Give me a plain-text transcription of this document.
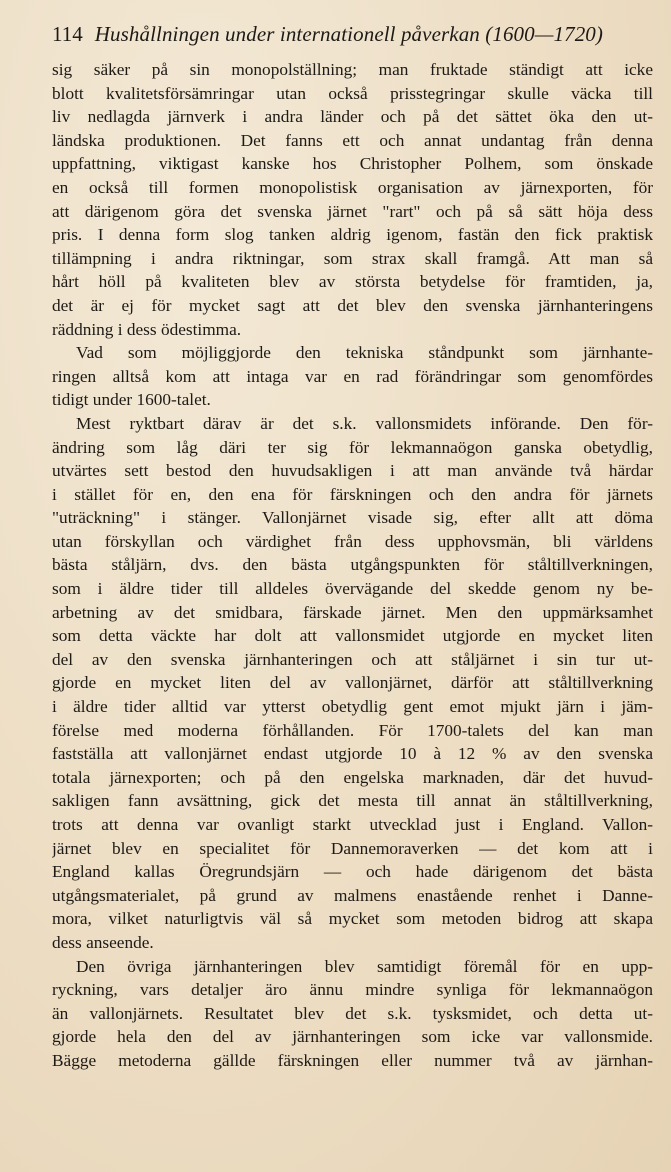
114 Hushållningen under internationell påverkan (1600—1720)
sig säker på sin monopolställning; man fruktade ständigt att icke
blott kvalitetsförsämringar utan också prisstegringar skulle väcka till
liv nedlagda järnverk i andra länder och på det sättet öka den ut-
ländska produktionen. Det fanns ett och annat undantag från denna
uppfattning, viktigast kanske hos Christopher Polhem, som önskade
en också till formen monopolistisk organisation av järnexporten, för
att därigenom göra det svenska järnet "rart" och på så sätt höja dess
pris. I denna form slog tanken aldrig igenom, fastän den fick praktisk
tillämpning i andra riktningar, som strax skall framgå. Att man så
hårt höll på kvaliteten blev av största betydelse för framtiden, ja,
det är ej för mycket sagt att det blev den svenska järnhanteringens
räddning i dess ödestimma.
Vad som möjliggjorde den tekniska ståndpunkt som järnhante-
ringen alltså kom att intaga var en rad förändringar som genomfördes
tidigt under 1600-talet.
Mest ryktbart därav är det s.k. vallonsmidets införande. Den för-
ändring som låg däri ter sig för lekmannaögon ganska obetydlig,
utvärtes sett bestod den huvudsakligen i att man använde två härdar
i stället för en, den ena för färskningen och den andra för järnets
"uträckning" i stänger. Vallonjärnet visade sig, efter allt att döma
utan förskyllan och värdighet från dess upphovsmän, bli världens
bästa ståljärn, dvs. den bästa utgångspunkten för ståltillverkningen,
som i äldre tider till alldeles övervägande del skedde genom ny be-
arbetning av det smidbara, färskade järnet. Men den uppmärksamhet
som detta väckte har dolt att vallonsmidet utgjorde en mycket liten
del av den svenska järnhanteringen och att ståljärnet i sin tur ut-
gjorde en mycket liten del av vallonjärnet, därför att ståltillverkning
i äldre tider alltid var ytterst obetydlig gent emot mjukt järn i jäm-
förelse med moderna förhållanden. För 1700-talets del kan man
fastställa att vallonjärnet endast utgjorde 10 à 12 % av den svenska
totala järnexporten; och på den engelska marknaden, där det huvud-
sakligen fann avsättning, gick det mesta till annat än ståltillverkning,
trots att denna var ovanligt starkt utvecklad just i England. Vallon-
järnet blev en specialitet för Dannemoraverken — det kom att i
England kallas Öregrundsjärn — och hade därigenom det bästa
utgångsmaterialet, på grund av malmens enastående renhet i Danne-
mora, vilket naturligtvis väl så mycket som metoden bidrog att skapa
dess anseende.
Den övriga järnhanteringen blev samtidigt föremål för en upp-
ryckning, vars detaljer äro ännu mindre synliga för lekmannaögon
än vallonjärnets. Resultatet blev det s.k. tysksmidet, och detta ut-
gjorde hela den del av järnhanteringen som icke var vallonsmide.
Bägge metoderna gällde färskningen eller nummer två av järnhan-
